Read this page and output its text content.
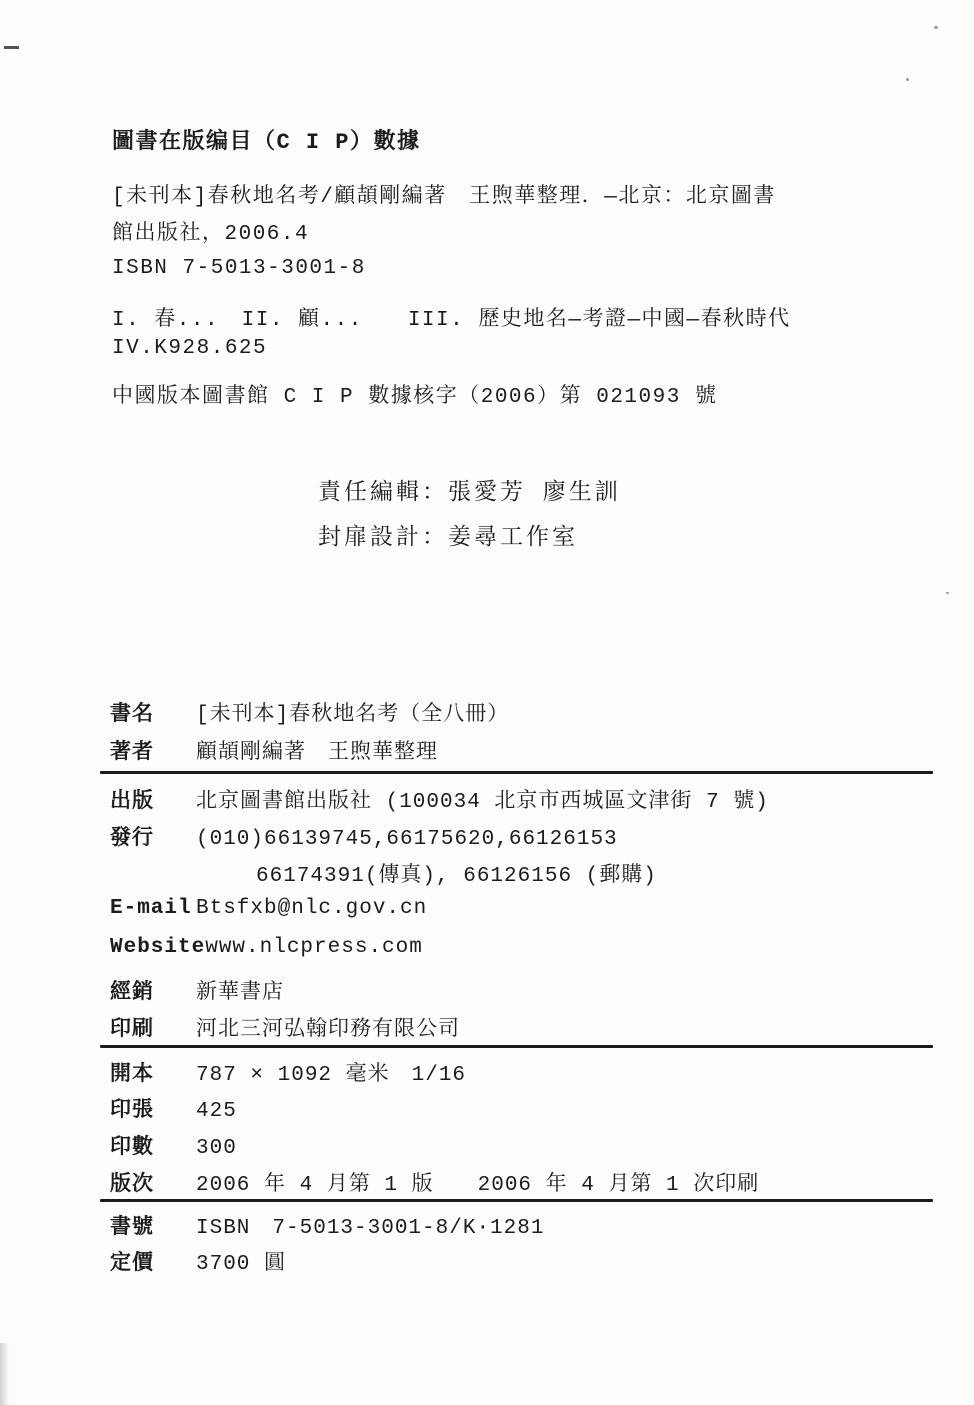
圖書在版编目（C I P）數據
[未刊本]春秋地名考/顧頡剛編著　王煦華整理．—北京：北京圖書
館出版社，2006.4
ISBN 7-5013-3001-8
I. 春...　II. 顧...　　III. 歷史地名—考證—中國—春秋時代
IV.K928.625
中國版本圖書館 C I P 數據核字（2006）第 021093 號
責任編輯：張愛芳 廖生訓
封扉設計：姜尋工作室
書名 [未刊本]春秋地名考（全八冊）
著者 顧頡剛編著　王煦華整理
出版 北京圖書館出版社 (100034 北京市西城區文津街 7 號)
發行 (010)66139745,66175620,66126153
66174391(傳真), 66126156 (郵購)
E-mail Btsfxb@nlc.gov.cn
Websitewww.nlcpress.com
經銷 新華書店
印刷 河北三河弘翰印務有限公司
開本 787 × 1092 毫米　1/16
印張 425
印數 300
版次 2006 年 4 月第 1 版　　2006 年 4 月第 1 次印刷
書號 ISBN　7-5013-3001-8/K·1281
定價 3700 圓
